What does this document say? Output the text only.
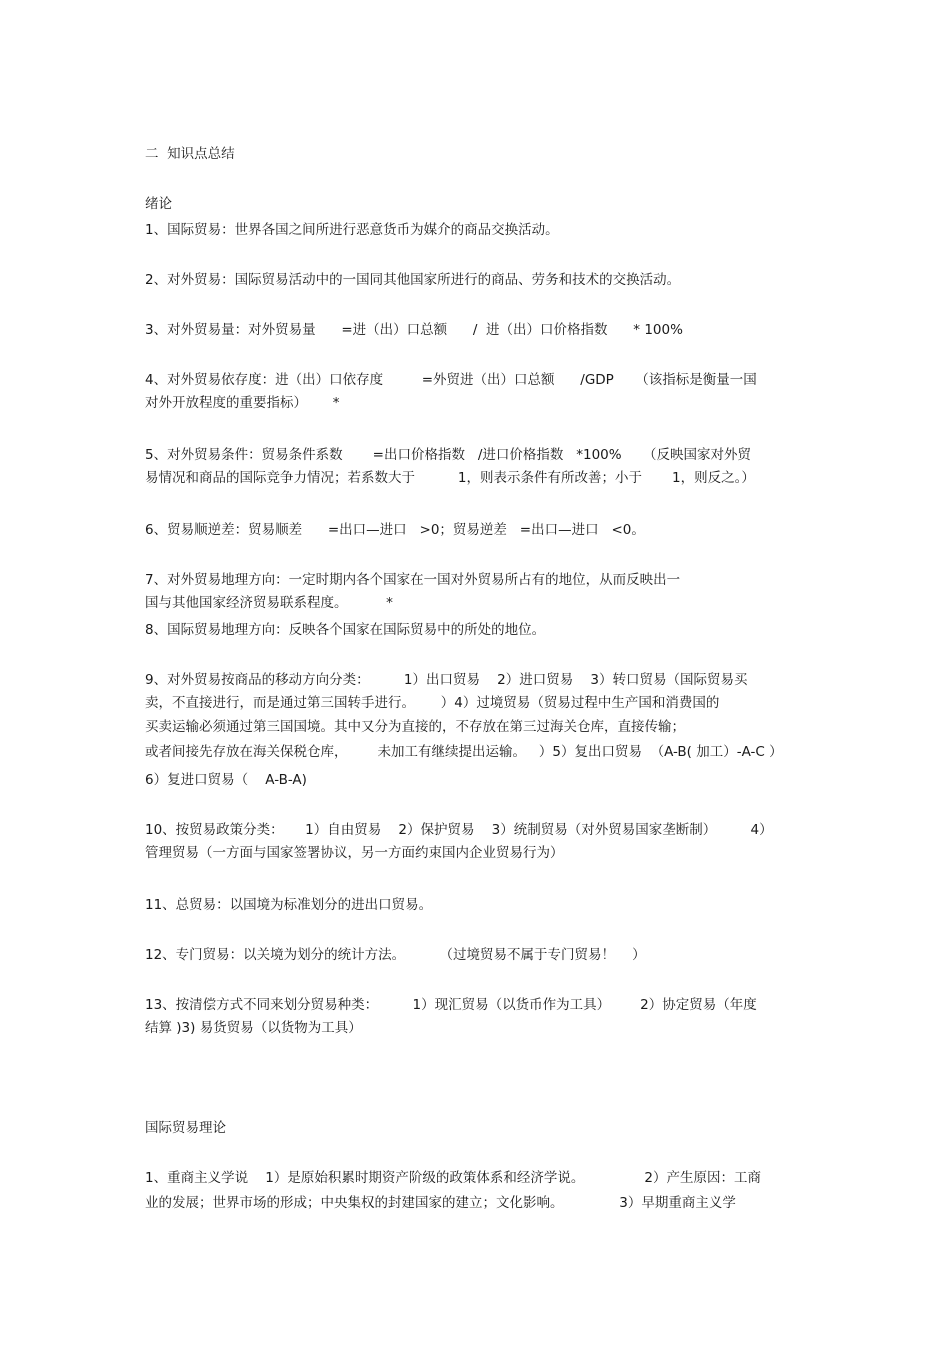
二  知识点总结
绪论
1、国际贸易：世界各国之间所进行恶意货币为媒介的商品交换活动。
2、对外贸易：国际贸易活动中的一国同其他国家所进行的商品、劳务和技术的交换活动。
3、对外贸易量：对外贸易量      =进（出）口总额      /  进（出）口价格指数      * 100%
4、对外贸易依存度：进（出）口依存度         =外贸进（出）口总额      /GDP     （该指标是衡量一国
对外开放程度的重要指标）      *
5、对外贸易条件：贸易条件系数       =出口价格指数   /进口价格指数   *100%     （反映国家对外贸
易情况和商品的国际竞争力情况；若系数大于          1，则表示条件有所改善；小于       1，则反之。）
6、贸易顺逆差：贸易顺差      =出口—进口   >0；贸易逆差   =出口—进口   <0。
7、对外贸易地理方向：一定时期内各个国家在一国对外贸易所占有的地位，从而反映出一
国与其他国家经济贸易联系程度。         *
8、国际贸易地理方向：反映各个国家在国际贸易中的所处的地位。
9、对外贸易按商品的移动方向分类：        1）出口贸易    2）进口贸易    3）转口贸易（国际贸易买
卖，不直接进行，而是通过第三国转手进行。      ）4）过境贸易（贸易过程中生产国和消费国的
买卖运输必须通过第三国国境。其中又分为直接的，不存放在第三过海关仓库，直接传输；
或者间接先存放在海关保税仓库，       未加工有继续提出运输。   ）5）复出口贸易  （A-B( 加工）-A-C ）
6）复进口贸易（    A-B-A)
10、按贸易政策分类：     1）自由贸易    2）保护贸易    3）统制贸易（对外贸易国家垄断制）        4）
管理贸易（一方面与国家签署协议，另一方面约束国内企业贸易行为）
11、总贸易：以国境为标准划分的进出口贸易。
12、专门贸易：以关境为划分的统计方法。        （过境贸易不属于专门贸易！    ）
13、按清偿方式不同来划分贸易种类：        1）现汇贸易（以货币作为工具）       2）协定贸易（年度
结算 )3) 易货贸易（以货物为工具）
国际贸易理论
1、重商主义学说    1）是原始积累时期资产阶级的政策体系和经济学说。              2）产生原因：工商
业的发展；世界市场的形成；中央集权的封建国家的建立；文化影响。             3）早期重商主义学
